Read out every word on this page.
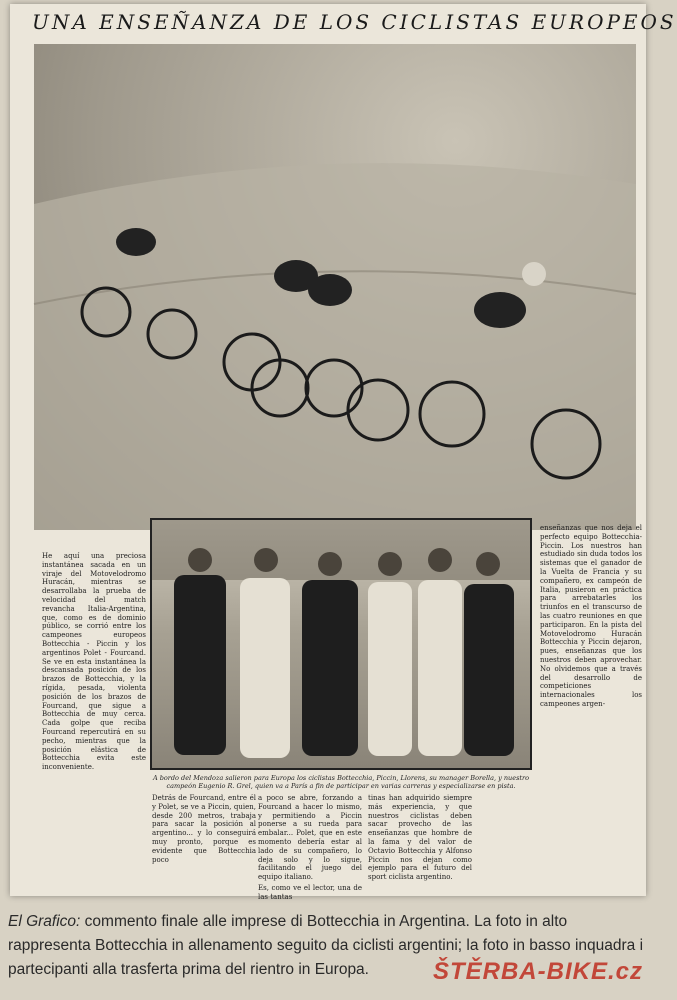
UNA ENSEÑANZA DE LOS CICLISTAS EUROPEOS
A bordo del Mendoza salieron para Europa los ciclistas Bottecchia, Piccin, Llorens, su manager Borella, y nuestro campeón Eugenio R. Grel, quien va a París a fin de participar en varias carreras y especializarse en pista.

He aquí una preciosa instantánea sacada en un viraje del Motovelodromo Huracán, mientras se desarrollaba la prueba de velocidad del match revancha Italia-Argentina, que, como es de dominio público, se corrió entre los campeones europeos Bottecchia - Piccin y los argentinos Polet - Fourcand. Se ve en esta instantánea la descansada posición de los brazos de Bottecchia, y la rígida, pesada, violenta posición de los brazos de Fourcand, que sigue a Bottecchia de muy cerca. Cada golpe que reciba Fourcand repercutirá en su pecho, mientras que la posición elástica de Bottecchia evita este inconveniente.

enseñanzas que nos deja el perfecto equipo Bottecchia-Piccin. Los nuestros han estudiado sin duda todos los sistemas que el ganador de la Vuelta de Francia y su compañero, ex campeón de Italia, pusieron en práctica para arrebatarles los triunfos en el transcurso de las cuatro reuniones en que participaron. En la pista del Motovelodromo Huracán Bottecchia y Piccin dejaron, pues, enseñanzas que los nuestros deben aprovechar. No olvidemos que a través del desarrollo de competiciones internacionales los campeones argen-

Detrás de Fourcand, entre él y Polet, se ve a Piccin, quien, desde 200 metros, trabaja para sacar la posición al argentino... y lo conseguirá muy pronto, porque es evidente que Bottecchia poco

a poco se abre, forzando a Fourcand a hacer lo mismo, y permitiendo a Piccin ponerse a su rueda para embalar... Polet, que en este momento debería estar al lado de su compañero, lo deja solo y lo sigue, facilitando el juego del equipo italiano.

Es, como ve el lector, una de las tantas

tinas han adquirido siempre más experiencia, y que nuestros ciclistas deben sacar provecho de las enseñanzas que hombre de la fama y del valor de Octavio Bottecchia y Alfonso Piccin nos dejan como ejemplo para el futuro del sport ciclista argentino.

El Grafico: commento finale alle imprese di Bottecchia in Argentina. La foto in alto rappresenta Bottecchia in allenamento seguito da ciclisti argentini; la foto in basso inquadra i partecipanti alla trasferta prima del rientro in Europa.	ŠTĚRBA-BIKE.cz
